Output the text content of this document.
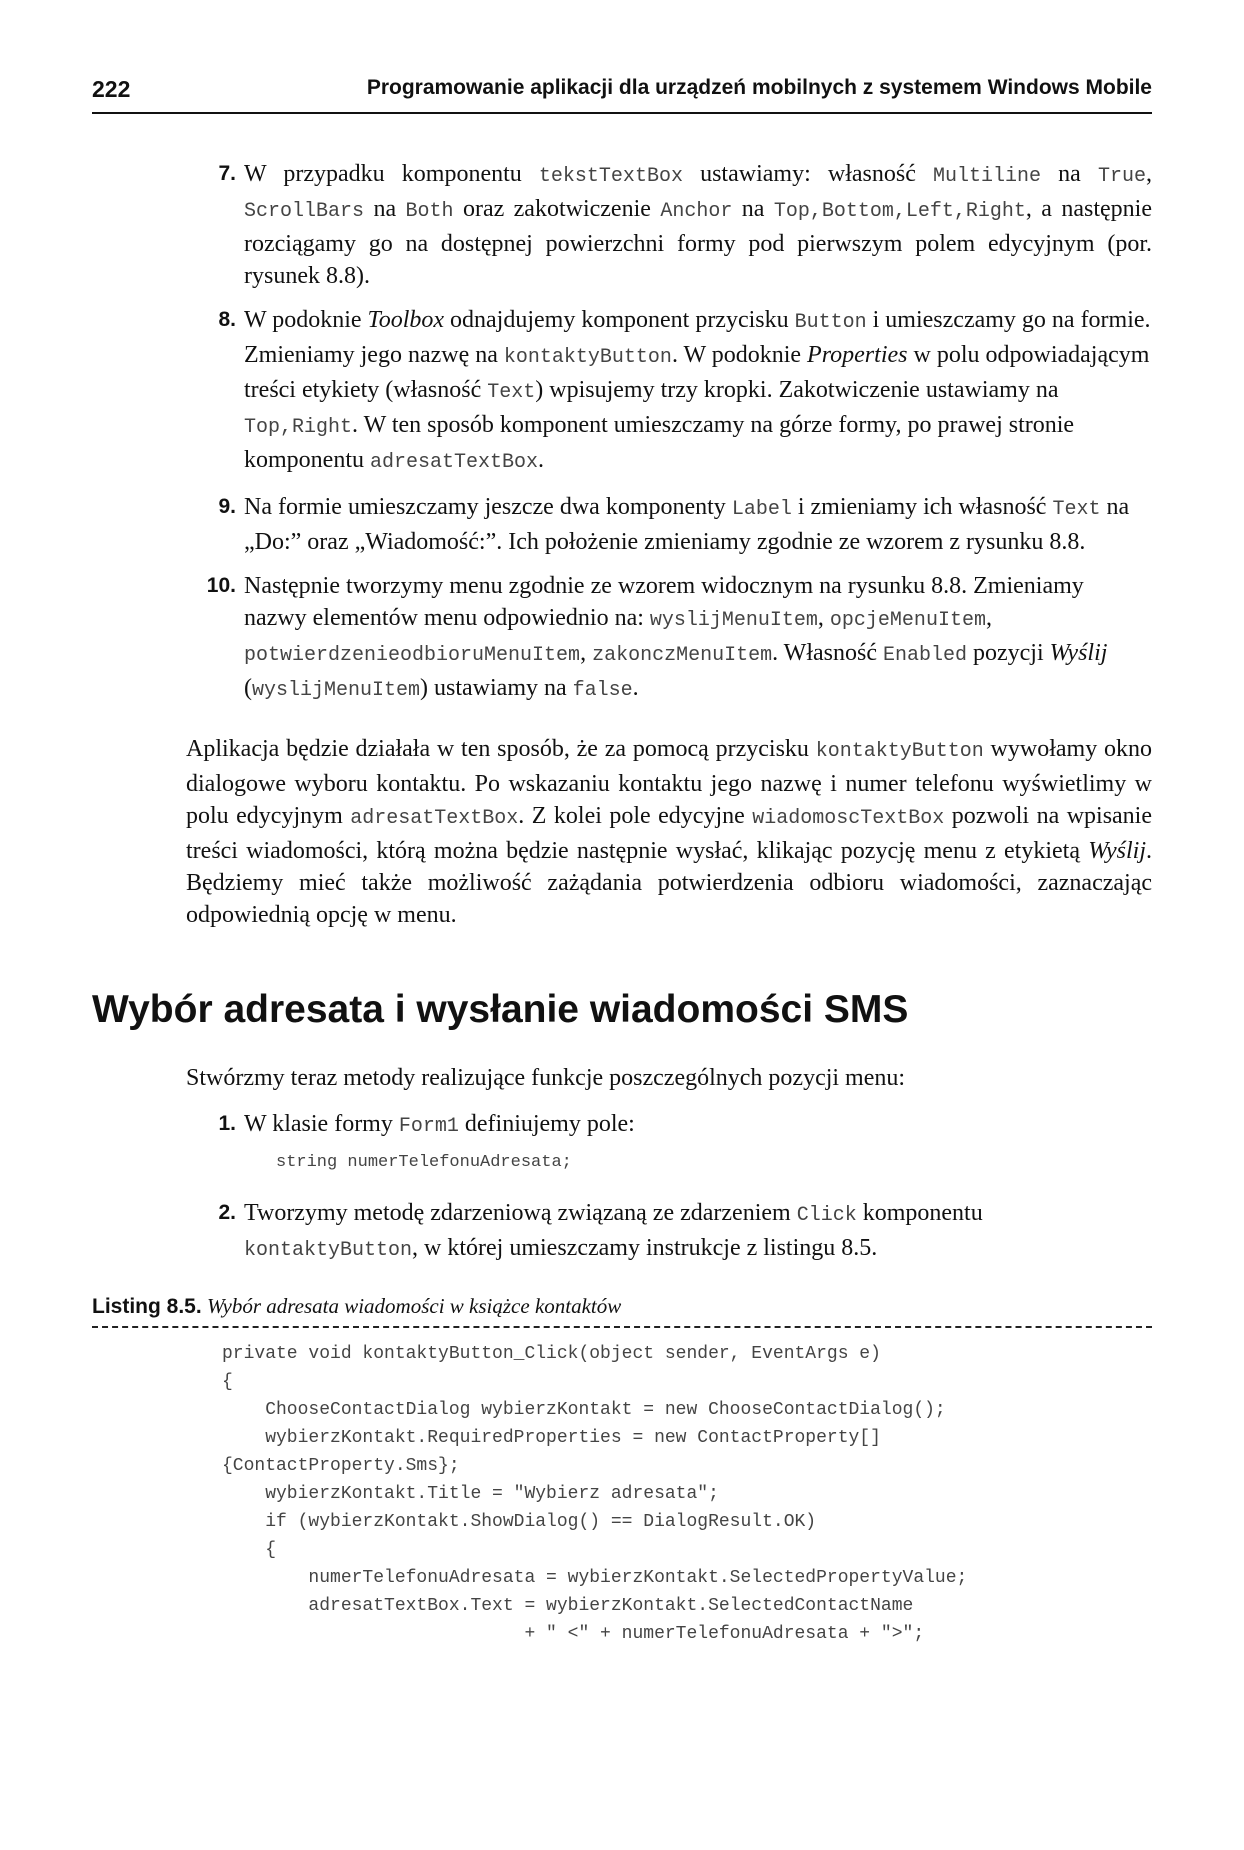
222	Programowanie aplikacji dla urządzeń mobilnych z systemem Windows Mobile
7. W przypadku komponentu tekstTextBox ustawiamy: własność Multiline na True, ScrollBars na Both oraz zakotwiczenie Anchor na Top,Bottom,Left,Right, a następnie rozciągamy go na dostępnej powierzchni formy pod pierwszym polem edycyjnym (por. rysunek 8.8).
8. W podoknie Toolbox odnajdujemy komponent przycisku Button i umieszczamy go na formie. Zmieniamy jego nazwę na kontaktyButton. W podoknie Properties w polu odpowiadającym treści etykiety (własność Text) wpisujemy trzy kropki. Zakotwiczenie ustawiamy na Top,Right. W ten sposób komponent umieszczamy na górze formy, po prawej stronie komponentu adresatTextBox.
9. Na formie umieszczamy jeszcze dwa komponenty Label i zmieniamy ich własność Text na „Do:” oraz „Wiadomość:”. Ich położenie zmieniamy zgodnie ze wzorem z rysunku 8.8.
10. Następnie tworzymy menu zgodnie ze wzorem widocznym na rysunku 8.8. Zmieniamy nazwy elementów menu odpowiednio na: wyslijMenuItem, opcjeMenuItem, potwierdzenieodbioruMenuItem, zakonczMenuItem. Własność Enabled pozycji Wyślij (wyslijMenuItem) ustawiamy na false.

Aplikacja będzie działała w ten sposób, że za pomocą przycisku kontaktyButton wywołamy okno dialogowe wyboru kontaktu. Po wskazaniu kontaktu jego nazwę i numer telefonu wyświetlimy w polu edycyjnym adresatTextBox. Z kolei pole edycyjne wiadomoscTextBox pozwoli na wpisanie treści wiadomości, którą można będzie następnie wysłać, klikając pozycję menu z etykietą Wyślij. Będziemy mieć także możliwość zażądania potwierdzenia odbioru wiadomości, zaznaczając odpowiednią opcję w menu.

Wybór adresata i wysłanie wiadomości SMS

Stwórzmy teraz metody realizujące funkcje poszczególnych pozycji menu:

1. W klasie formy Form1 definiujemy pole:
string numerTelefonuAdresata;
2. Tworzymy metodę zdarzeniową związaną ze zdarzeniem Click komponentu kontaktyButton, w której umieszczamy instrukcje z listingu 8.5.
Listing 8.5. Wybór adresata wiadomości w książce kontaktów
private void kontaktyButton_Click(object sender, EventArgs e)
{
ChooseContactDialog wybierzKontakt = new ChooseContactDialog();
wybierzKontakt.RequiredProperties = new ContactProperty[]
{ContactProperty.Sms};
wybierzKontakt.Title = "Wybierz adresata";
if (wybierzKontakt.ShowDialog() == DialogResult.OK)
{
numerTelefonuAdresata = wybierzKontakt.SelectedPropertyValue;
adresatTextBox.Text = wybierzKontakt.SelectedContactName
+ " <" + numerTelefonuAdresata + ">";
